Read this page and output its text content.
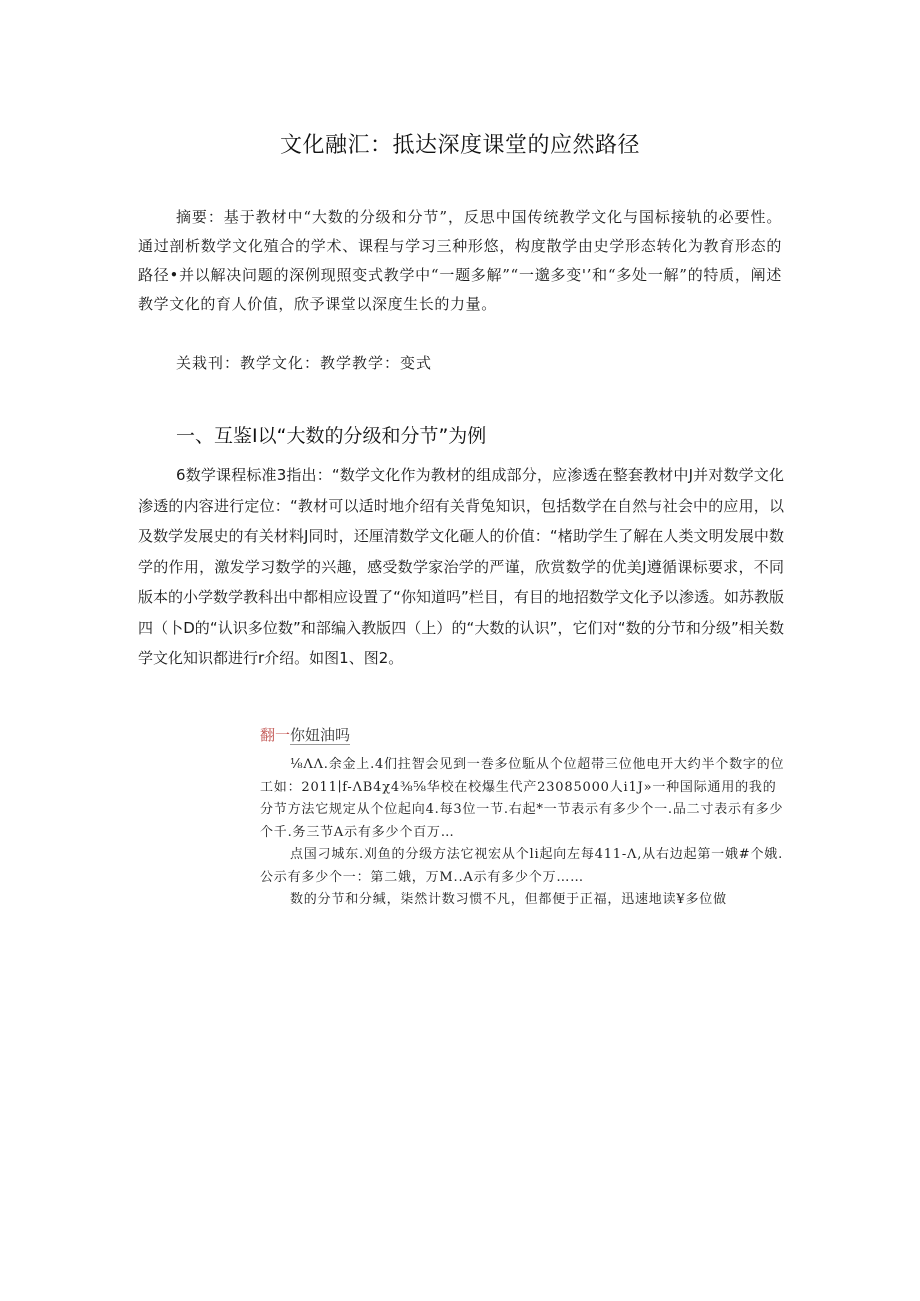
文化融汇：抵达深度课堂的应然路径
摘要：基于教材中“大数的分级和分节”，反思中国传统教学文化与国标接轨的必要性。通过剖析数学文化殖合的学术、课程与学习三种形悠，构度散学由史学形态转化为教育形态的路径•并以解决问题的深例现照变式教学中“一题多解”“一邈多变'’和“多处一解”的特质，阐述教学文化的育人价值，欣予课堂以深度生长的力量。
关栽刊：教学文化：教学教学：变式
一、互鉴I以“大数的分级和分节”为例
6数学课程标准3指出：“数学文化作为教材的组成部分，应渗透在整套教材中J并对数学文化渗透的内容进行定位：“教材可以适时地介绍有关背兔知识，包括数学在自然与社会中的应用，以及数学发展史的有关材料J同时，还厘清数学文化砸人的价值：“楮助学生了解在人类文明发展中数学的作用，激发学习数学的兴趣，感受数学家治学的严谨，欣赏数学的优美J遵循课标要求，不同版本的小学数学教科出中都相应设置了“你知道吗”栏目，有目的地招数学文化予以渗透。如苏教版四（卜D的“认识多位数”和部编入教版四（上）的“大数的认识”，它们对“数的分节和分级”相关数学文化知识都进行r介绍。如图1、图2。
翻⼀你妞油吗

⅛ΛΛ.余金上.4们拄智会见到一巻多位駈从个位超帯三位他电开大约半个数字的位工如：2011∣f-ΛB4χ4⅜⅝华校在校爆生代产23085000人i1J»一种国际通用的我的分节方法它规定从个位起向4.每3位一节.右起*一节表示有多少个一.品二寸表示有多少个千.务三节A示有多少个百万…

点国刁城东.刈鱼的分级方法它视宏从个li起向左每411-Λ,从右边起第一娥#个娥.公示有多少个一：第二娥，万M..A示有多少个万……

数的分节和分缄，柒然计数习惯不凡，但都便于正福，迅速地读¥多位做
